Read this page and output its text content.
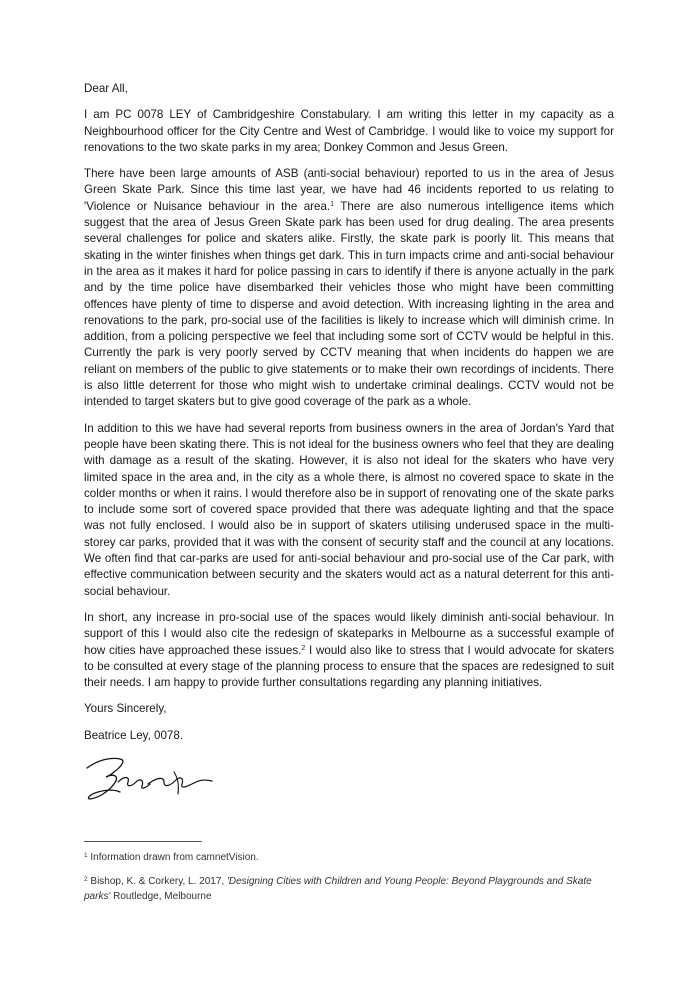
Dear All,

I am PC 0078 LEY of Cambridgeshire Constabulary. I am writing this letter in my capacity as a Neighbourhood officer for the City Centre and West of Cambridge. I would like to voice my support for renovations to the two skate parks in my area; Donkey Common and Jesus Green.

There have been large amounts of ASB (anti-social behaviour) reported to us in the area of Jesus Green Skate Park. Since this time last year, we have had 46 incidents reported to us relating to 'Violence or Nuisance behaviour in the area.$^1$ There are also numerous intelligence items which suggest that the area of Jesus Green Skate park has been used for drug dealing. The area presents several challenges for police and skaters alike. Firstly, the skate park is poorly lit. This means that skating in the winter finishes when things get dark. This in turn impacts crime and anti-social behaviour in the area as it makes it hard for police passing in cars to identify if there is anyone actually in the park and by the time police have disembarked their vehicles those who might have been committing offences have plenty of time to disperse and avoid detection. With increasing lighting in the area and renovations to the park, pro-social use of the facilities is likely to increase which will diminish crime. In addition, from a policing perspective we feel that including some sort of CCTV would be helpful in this. Currently the park is very poorly served by CCTV meaning that when incidents do happen we are reliant on members of the public to give statements or to make their own recordings of incidents. There is also little deterrent for those who might wish to undertake criminal dealings. CCTV would not be intended to target skaters but to give good coverage of the park as a whole.

In addition to this we have had several reports from business owners in the area of Jordan's Yard that people have been skating there. This is not ideal for the business owners who feel that they are dealing with damage as a result of the skating. However, it is also not ideal for the skaters who have very limited space in the area and, in the city as a whole there, is almost no covered space to skate in the colder months or when it rains. I would therefore also be in support of renovating one of the skate parks to include some sort of covered space provided that there was adequate lighting and that the space was not fully enclosed. I would also be in support of skaters utilising underused space in the multi-storey car parks, provided that it was with the consent of security staff and the council at any locations. We often find that car-parks are used for anti-social behaviour and pro-social use of the Car park, with effective communication between security and the skaters would act as a natural deterrent for this anti-social behaviour.

In short, any increase in pro-social use of the spaces would likely diminish anti-social behaviour. In support of this I would also cite the redesign of skateparks in Melbourne as a successful example of how cities have approached these issues.$^2$ I would also like to stress that I would advocate for skaters to be consulted at every stage of the planning process to ensure that the spaces are redesigned to suit their needs. I am happy to provide further consultations regarding any planning initiatives.

Yours Sincerely,

Beatrice Ley, 0078.

$^1$ Information drawn from camnetVision.

$^2$ Bishop, K. & Corkery, L. 2017, 'Designing Cities with Children and Young People: Beyond Playgrounds and Skate parks' Routledge, Melbourne
